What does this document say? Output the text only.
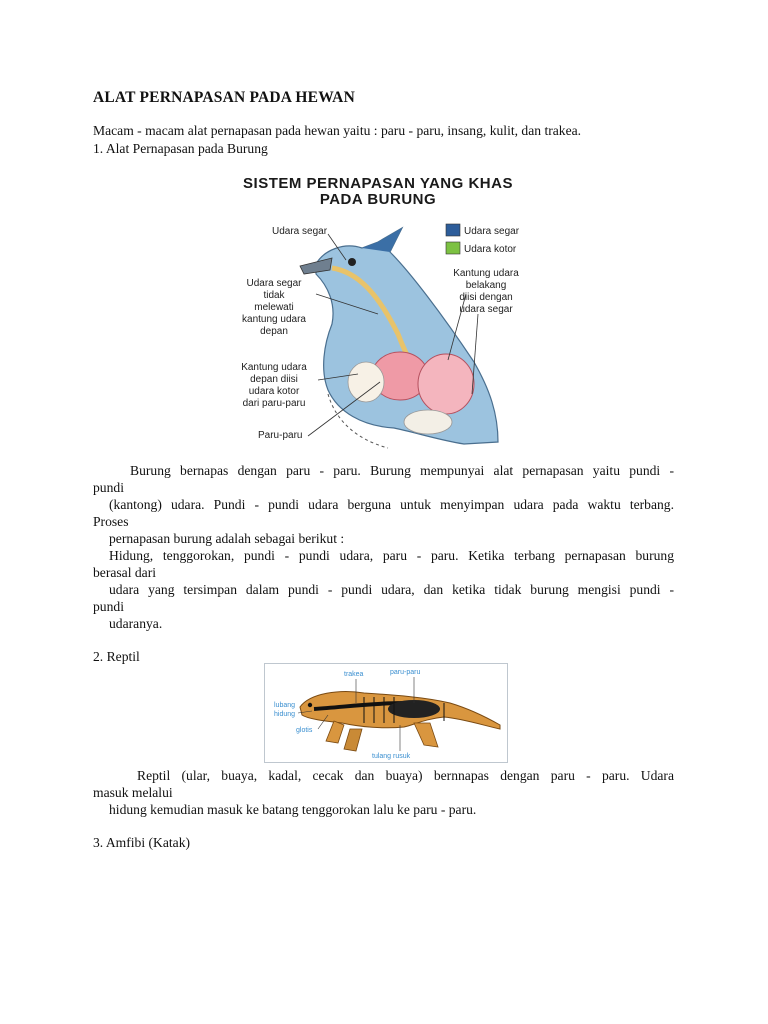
ALAT PERNAPASAN PADA HEWAN
Macam - macam alat pernapasan pada hewan yaitu : paru - paru, insang, kulit, dan trakea.
1. Alat Pernapasan pada Burung
SISTEM PERNAPASAN YANG KHAS
PADA BURUNG
Udara segar
Udara kotor
Udara segar
Udara segar
tidak
melewati
kantung udara
depan
Kantung udara
depan diisi
udara kotor
dari paru-paru
Paru-paru
Kantung udara
belakang
diisi dengan
udara segar
Burung bernapas dengan paru - paru. Burung mempunyai alat pernapasan yaitu pundi -
pundi
(kantong) udara. Pundi - pundi udara berguna untuk menyimpan udara pada waktu terbang.
Proses
pernapasan burung adalah sebagai berikut :
Hidung, tenggorokan, pundi - pundi udara, paru - paru. Ketika terbang pernapasan burung
berasal dari
udara yang tersimpan dalam pundi - pundi udara, dan ketika tidak burung mengisi pundi -
pundi
udaranya.
2. Reptil
trakea	paru-paru
lubang
hidung
glotis
tulang rusuk
Reptil (ular, buaya, kadal, cecak dan buaya) bernnapas dengan paru - paru. Udara
masuk melalui
hidung kemudian masuk ke batang tenggorokan lalu ke paru - paru.
3. Amfibi (Katak)
